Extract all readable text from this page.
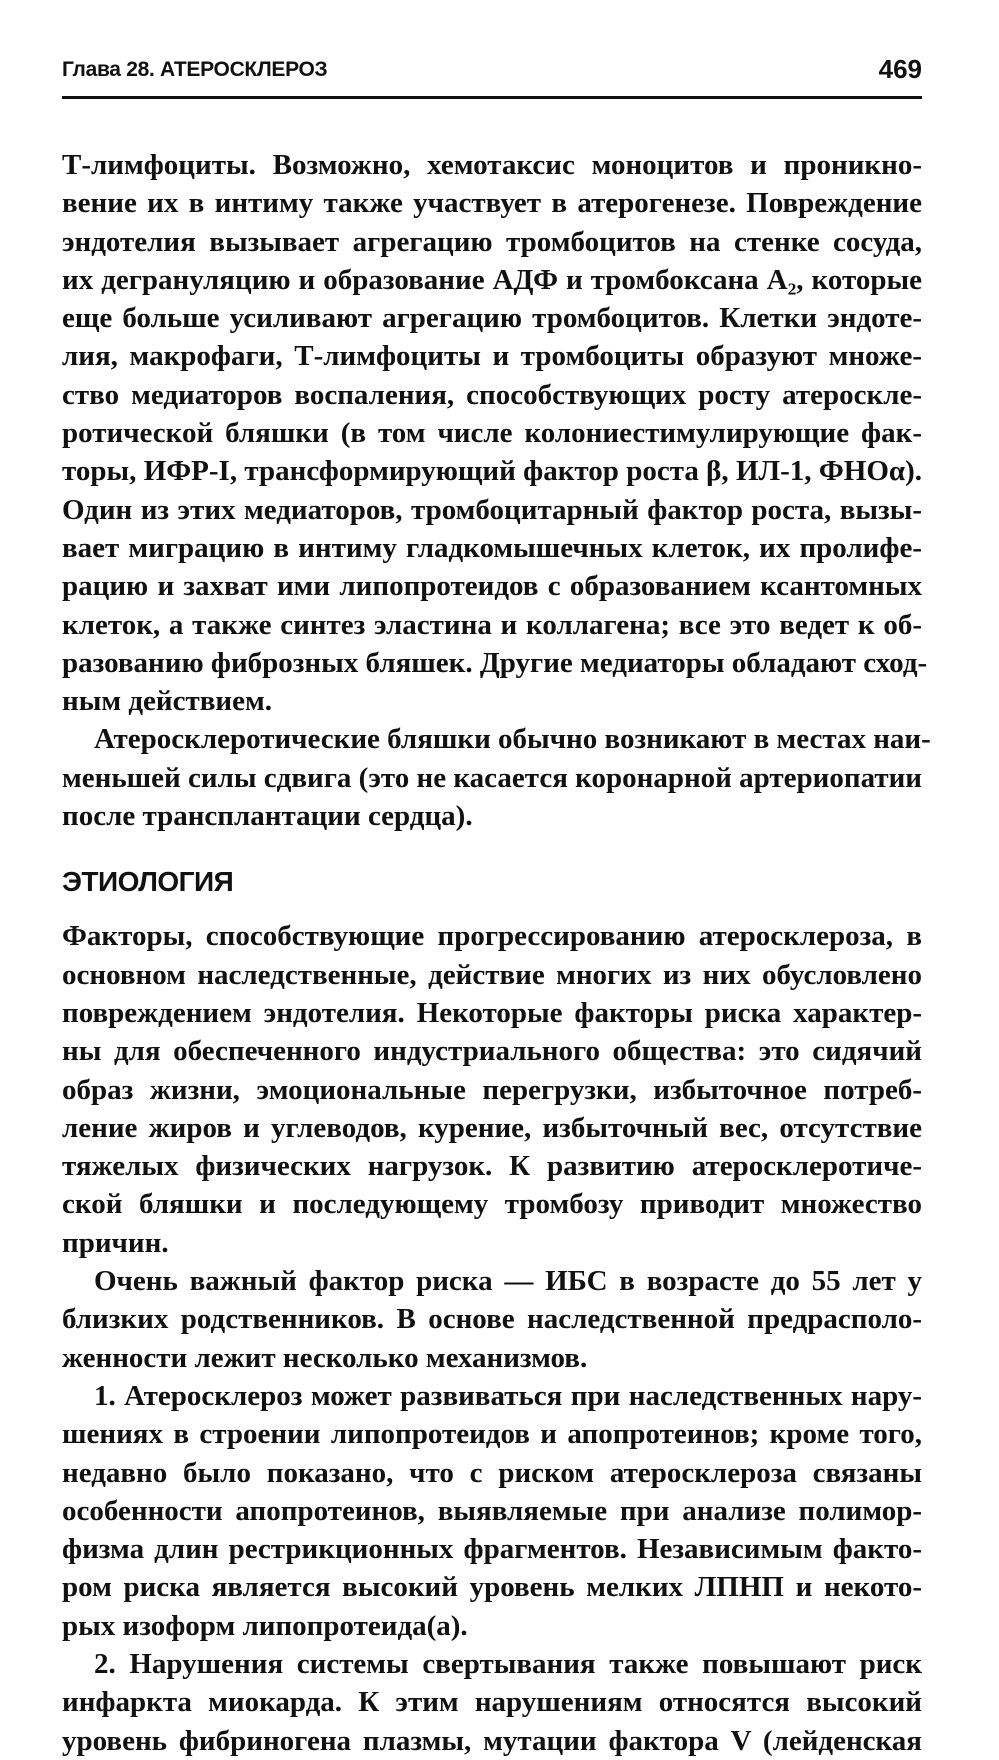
Глава 28. АТЕРОСКЛЕРОЗ	469
Т-лимфоциты. Возможно, хемотаксис моноцитов и проникно-
вение их в интиму также участвует в атерогенезе. Повреждение
эндотелия вызывает агрегацию тромбоцитов на стенке сосуда,
их дегрануляцию и образование АДФ и тромбоксана A₂, которые
еще больше усиливают агрегацию тромбоцитов. Клетки эндоте-
лия, макрофаги, Т-лимфоциты и тромбоциты образуют множе-
ство медиаторов воспаления, способствующих росту атероскле-
ротической бляшки (в том числе колониестимулирующие фак-
торы, ИФР-I, трансформирующий фактор роста β, ИЛ-1, ФНОα).
Один из этих медиаторов, тромбоцитарный фактор роста, вызы-
вает миграцию в интиму гладкомышечных клеток, их пролифе-
рацию и захват ими липопротеидов с образованием ксантомных
клеток, а также синтез эластина и коллагена; все это ведет к об-
разованию фиброзных бляшек. Другие медиаторы обладают сход-
ным действием.
Атеросклеротические бляшки обычно возникают в местах наи-
меньшей силы сдвига (это не касается коронарной артериопатии
после трансплантации сердца).
ЭТИОЛОГИЯ
Факторы, способствующие прогрессированию атеросклероза, в
основном наследственные, действие многих из них обусловлено
повреждением эндотелия. Некоторые факторы риска характер-
ны для обеспеченного индустриального общества: это сидячий
образ жизни, эмоциональные перегрузки, избыточное потреб-
ление жиров и углеводов, курение, избыточный вес, отсутствие
тяжелых физических нагрузок. К развитию атеросклеротиче-
ской бляшки и последующему тромбозу приводит множество
причин.
Очень важный фактор риска — ИБС в возрасте до 55 лет у
близких родственников. В основе наследственной предрасполо-
женности лежит несколько механизмов.
1. Атеросклероз может развиваться при наследственных нару-
шениях в строении липопротеидов и апопротеинов; кроме того,
недавно было показано, что с риском атеросклероза связаны
особенности апопротеинов, выявляемые при анализе полимор-
физма длин рестрикционных фрагментов. Независимым факто-
ром риска является высокий уровень мелких ЛПНП и некото-
рых изоформ липопротеида(а).
2. Нарушения системы свертывания также повышают риск
инфаркта миокарда. К этим нарушениям относятся высокий
уровень фибриногена плазмы, мутации фактора V (лейденская
